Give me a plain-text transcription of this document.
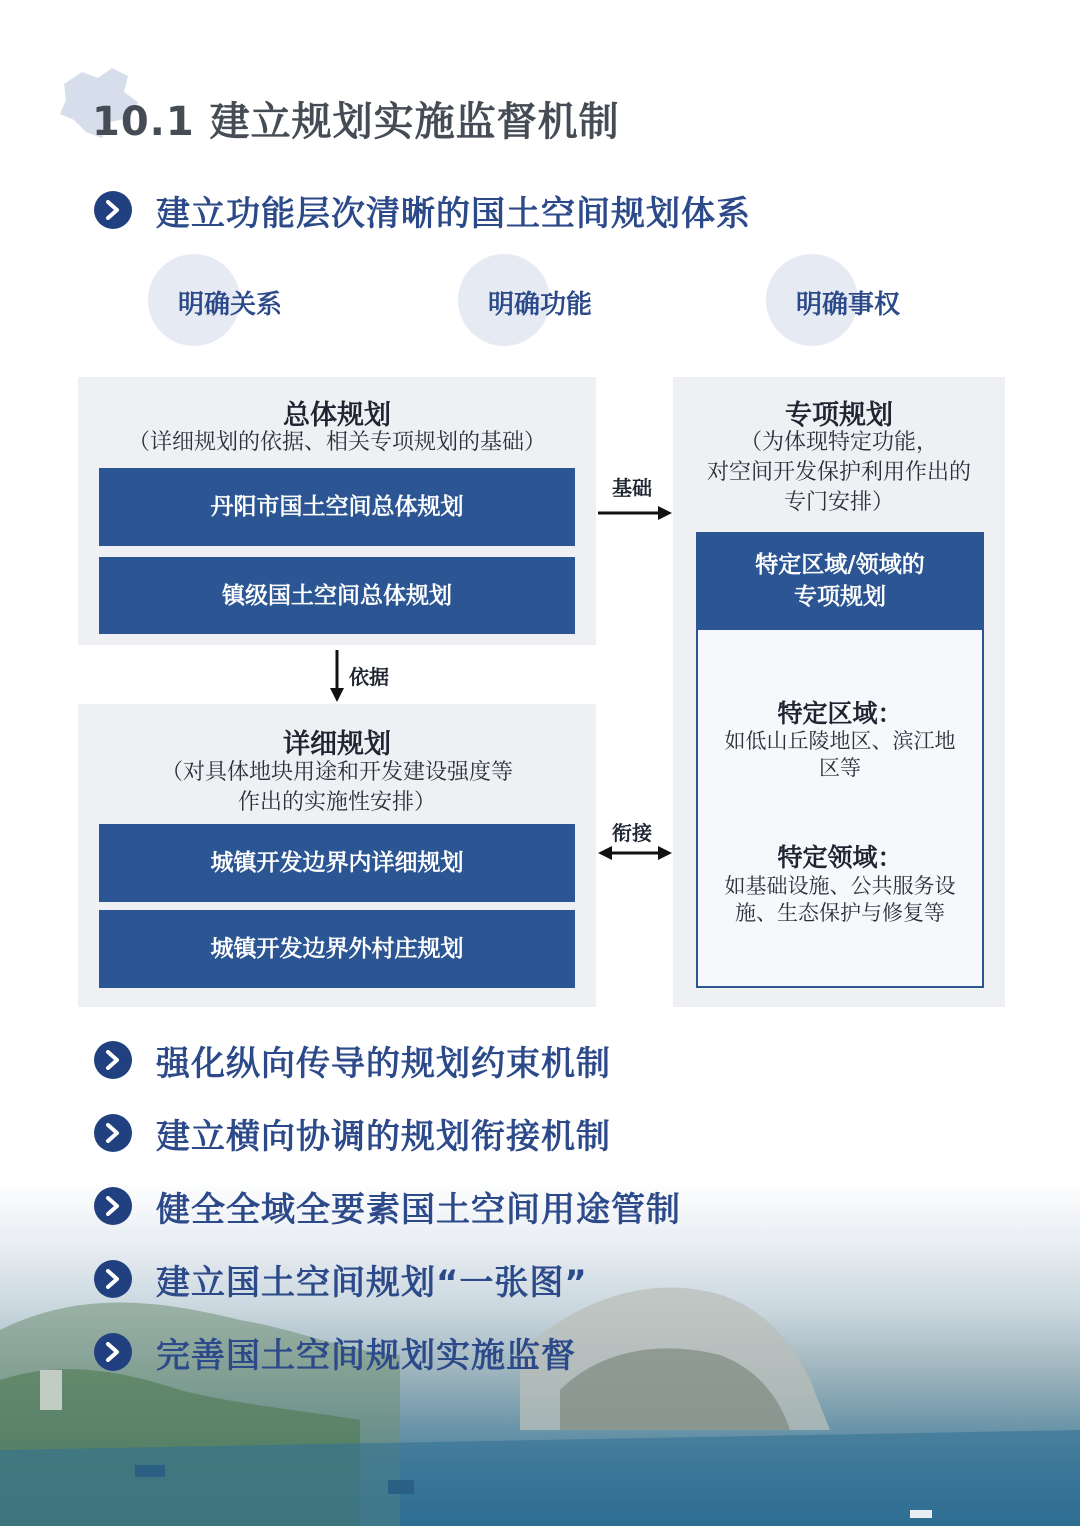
10.1 建立规划实施监督机制
建立功能层次清晰的国土空间规划体系
明确关系	明确功能	明确事权
总体规划
（详细规划的依据、相关专项规划的基础）
丹阳市国土空间总体规划
镇级国土空间总体规划
详细规划
（对具体地块用途和开发建设强度等
作出的实施性安排）
城镇开发边界内详细规划
城镇开发边界外村庄规划
专项规划
（为体现特定功能，
对空间开发保护利用作出的
专门安排）
特定区域/领域的
专项规划
特定区域：
如低山丘陵地区、滨江地
区等
特定领域：
如基础设施、公共服务设
施、生态保护与修复等
基础
依据
衔接
强化纵向传导的规划约束机制
建立横向协调的规划衔接机制
健全全域全要素国土空间用途管制
建立国土空间规划“一张图”
完善国土空间规划实施监督
